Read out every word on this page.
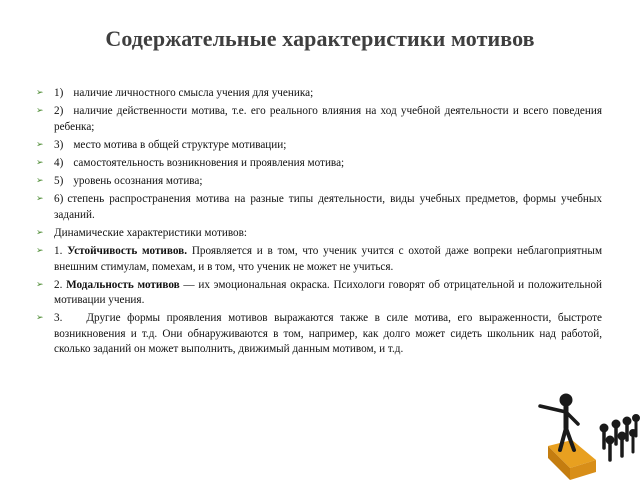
Содержательные характеристики мотивов
➢ 1) наличие личностного смысла учения для ученика;
➢ 2) наличие действенности мотива, т.е. его реального влияния на ход учебной деятельности и всего поведения ребенка;
➢ 3) место мотива в общей структуре мотивации;
➢ 4) самостоятельность возникновения и проявления мотива;
➢ 5) уровень осознания мотива;
➢ 6) степень распространения мотива на разные типы деятельности, виды учебных предметов, формы учебных заданий.
➢ Динамические характеристики мотивов:
➢ 1. Устойчивость мотивов. Проявляется и в том, что ученик учится с охотой даже вопреки неблагоприятным внешним стимулам, помехам, и в том, что ученик не может не учиться.
➢ 2. Модальность мотивов — их эмоциональная окраска. Психологи говорят об отрицательной и положительной мотивации учения.
➢ 3. Другие формы проявления мотивов выражаются также в силе мотива, его выраженности, быстроте возникновения и т.д. Они обнаруживаются в том, например, как долго может сидеть школьник над работой, сколько заданий он может выполнить, движимый данным мотивом, и т.д.
